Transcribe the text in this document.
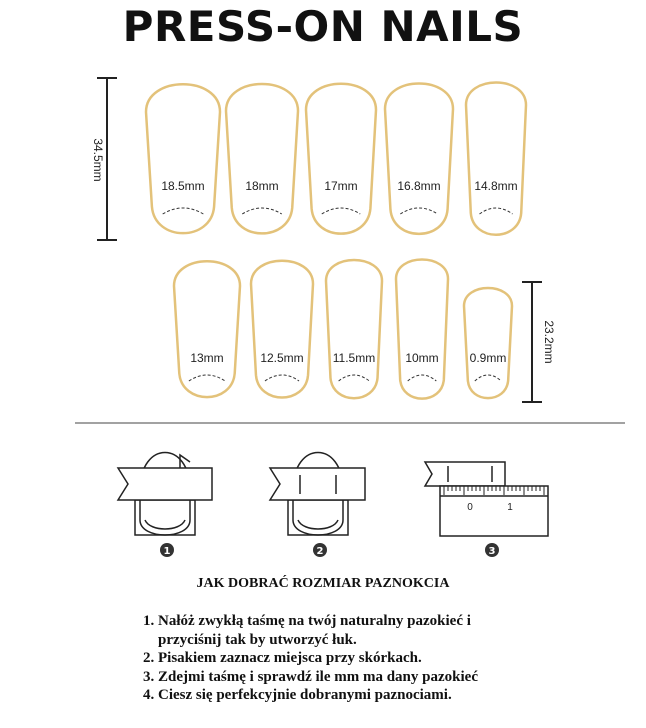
PRESS-ON NAILS
18.5mm	18mm	17mm	16.8mm	14.8mm
13mm	12.5mm 11.5mm	10mm	0.9mm
34.5mm
23.2mm
1	2
0	1
3
JAK DOBRAĆ ROZMIAR PAZNOKCIA
1. Nałóż zwykłą taśmę na twój naturalny pazokieć i
przyciśnij tak by utworzyć łuk.
2. Pisakiem zaznacz miejsca przy skórkach.
3. Zdejmi taśmę i sprawdź ile mm ma dany pazokieć
4. Ciesz się perfekcyjnie dobranymi paznociami.
